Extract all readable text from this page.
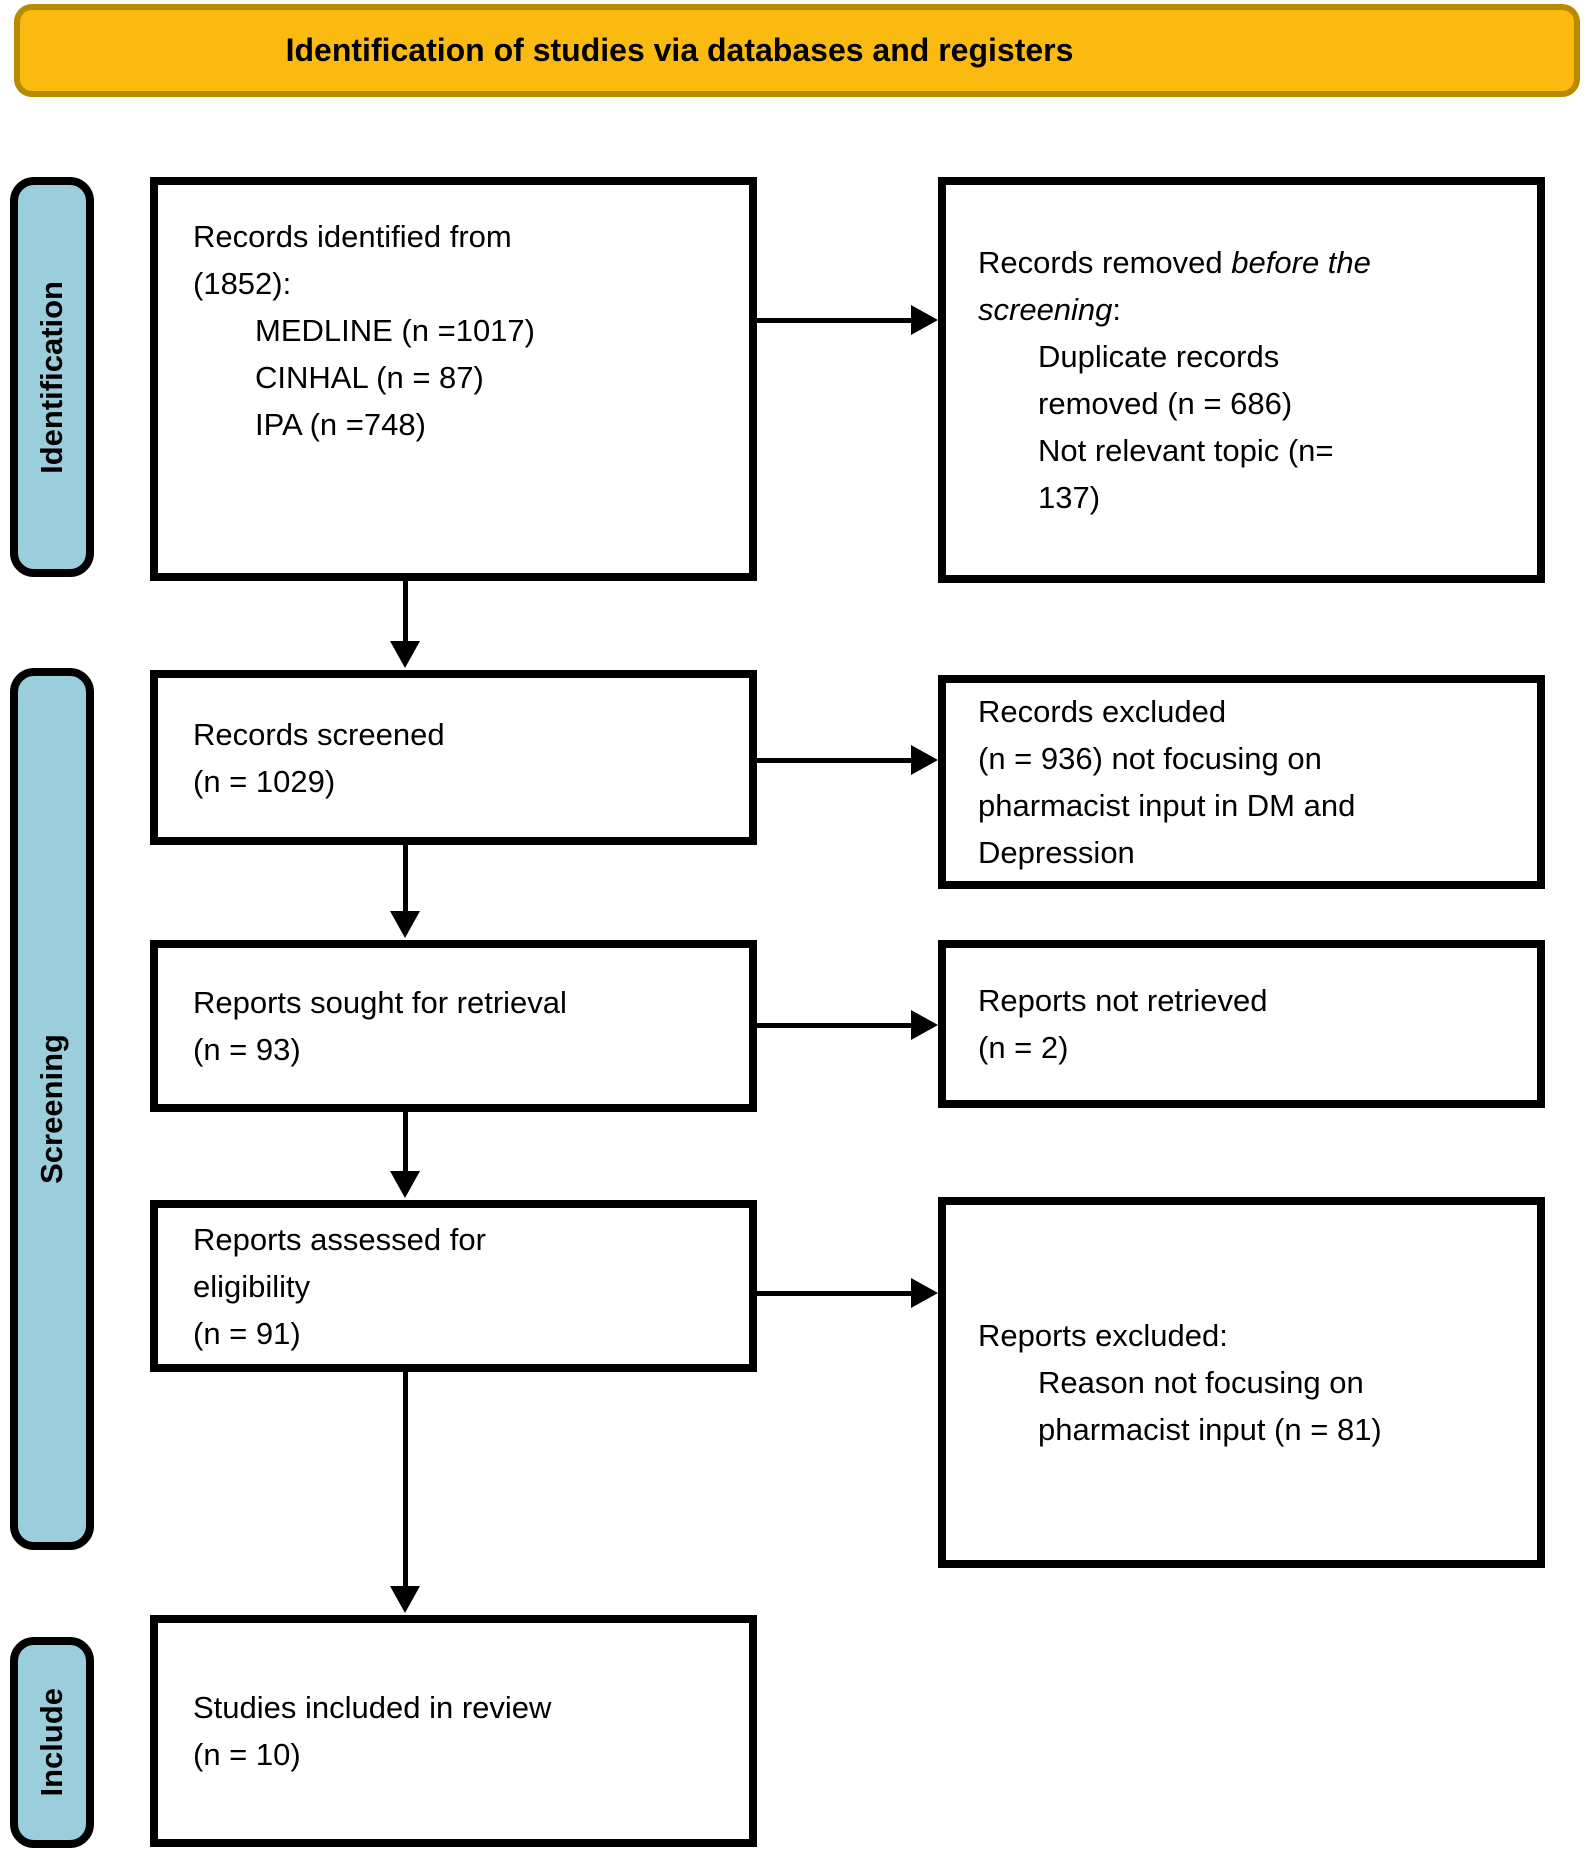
Identification of studies via databases and registers
Identification
Screening
Include
Records identified from
(1852):
MEDLINE (n =1017)
CINHAL (n = 87)
IPA (n =748)
Records screened
(n = 1029)
Reports sought for retrieval
(n = 93)
Reports assessed for
eligibility
(n = 91)
Studies included in review
(n = 10)
Records removed before the
screening:
Duplicate records
removed (n = 686)
Not relevant topic (n=
137)
Records excluded
(n = 936) not focusing on
pharmacist input in DM and
Depression
Reports not retrieved
(n = 2)
Reports excluded:
Reason not focusing on
pharmacist input (n = 81)
